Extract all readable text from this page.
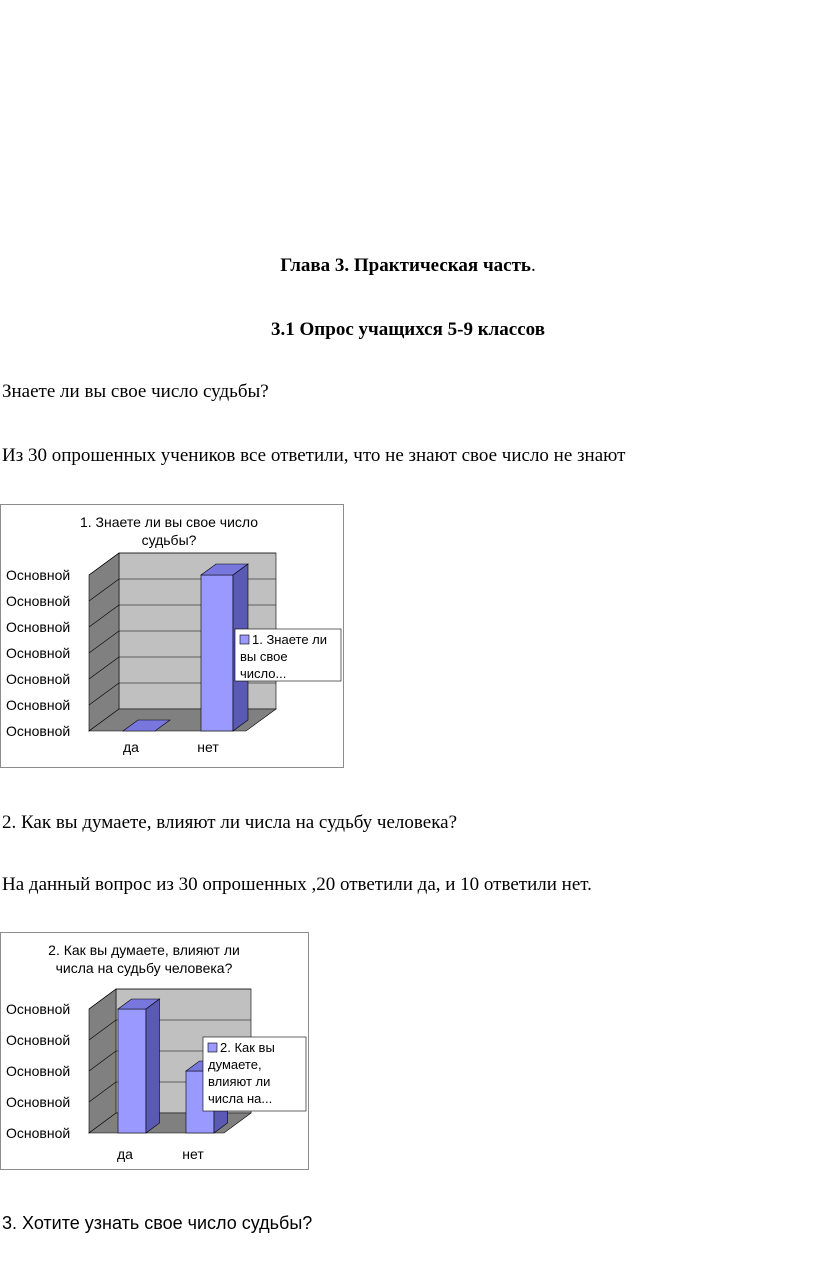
Глава 3. Практическая часть.
3.1 Опрос учащихся 5-9 классов
Знаете ли вы свое число судьбы?
Из 30 опрошенных учеников все ответили, что не знают свое число не знают
Основной
Основной
Основной
Основной
Основной
Основной
Основной
1. Знаете ли вы свое число
судьбы?
да	нет
1. Знаете ли
вы свое
число...
2. Как вы думаете, влияют ли числа на судьбу человека?
На данный вопрос из 30 опрошенных ,20 ответили да, и 10 ответили нет.
Основной
Основной
Основной
Основной
Основной
2. Как вы думаете, влияют ли
числа на судьбу человека?
да	нет
2. Как вы
думаете,
влияют ли
числа на...
3. Хотите узнать свое число судьбы?
